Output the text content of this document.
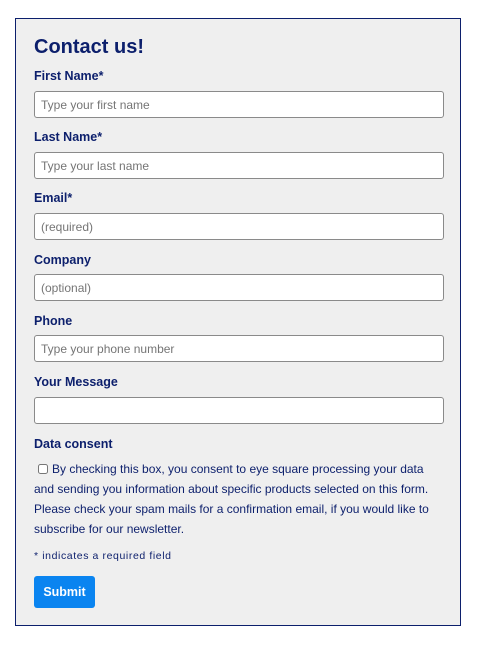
Contact us!
First Name*
Type your first name
Last Name*
Type your last name
Email*
(required)
Company
(optional)
Phone
Type your phone number
Your Message
Data consent
By checking this box, you consent to eye square processing your data and sending you information about specific products selected on this form. Please check your spam mails for a confirmation email, if you would like to subscribe for our newsletter.
* indicates a required field
Submit
